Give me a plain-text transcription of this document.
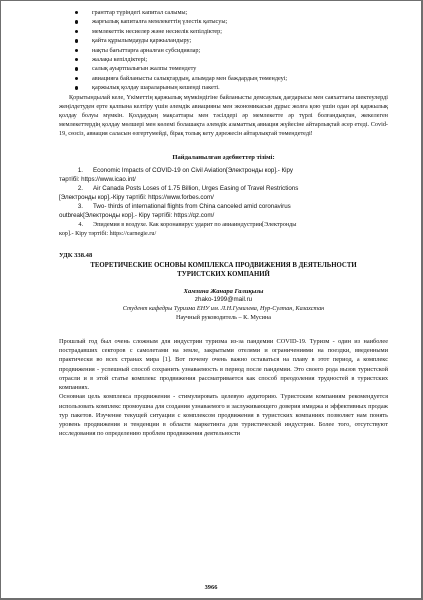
гранттар түріндегі капитал салымы;
жарғылық капиталға мемлекеттің үлестік қатысуы;
мемлекеттік несиелер және несиелік кепілдіктер;
қайта құрылымдауды қаржыландыру;
нақты бағыттарға арналған субсидиялар;
жалақы кепілдіктері;
салық ауыртпалығын жалпы төмендету
авиацияға байланысты салықтардың, алымдар мен баждардың төмендеуі;
қаржылық қолдау шараларының кешенді пакеті.

Қорытындылай келе, Үкіметтің қаржылық мүмкіндігіне байланысты демсаулық дағдарысы мен саяхаттағы шектеулерді жеңілдетуден ерте қалпына келтіру үшін әлемдік авиацияны мен экономикасын дұрыс жолға қою үшін одан әрі қаржылық қолдау болуы мүмкін. Қолдаудың мақсаттары мен тәсілдері әр мемлекетте әр түрлі болғандықтан, жекелеген мемлекеттердің қолдау мөлшері мен көлемі болашақта әлемдік азаматтық авиация жүйесіне айтарлықтай әсер етеді. Covid-19, сөзсіз, авиация саласын өзгертумейді, бірақ толық кету дәрежесін айтарлықтай төмендетеді!

Пайдаланылған әдебиеттер тізімі:

1. Economic Impacts of COVID-19 on Civil Aviation[Электронды кор].- Кіру
тәртібі: https://www.icao.int/

2. Air Canada Posts Loses of 1.75 Billion, Urges Easing of Travel Restrictions
[Электронды кор].-Кіру тәртібі: https://www.forbes.com/

3. Two- thirds of international flights from China canceled amid coronavirus
outbreak[Электронды кор].- Кіру тәртібі: https://qz.com/

4. Эпидемия в воздухе. Как коронавирус ударит по авиаиндустрии[Электронды
кор].- Кіру тәртібі: https://carnegie.ru/

УДК 338.48
ТЕОРЕТИЧЕСКИЕ ОСНОВЫ КОМПЛЕКСА ПРОДВИЖЕНИЯ В ДЕЯТЕЛЬНОСТИ
ТУРИСТСКИХ КОМПАНИЙ

Хамзина Жанара Галиқызы

zhako-1999@mail.ru

Студент кафедры Туризма ЕНУ им. Л.Н.Гумилева, Нур-Султан, Казахстан

Научный руководитель – К. Мусина

Прошлый год был очень сложным для индустрии туризма из-за пандемии COVID-19. Туризм - один из наиболее пострадавших секторов с самолетами на земле, закрытыми отелями и ограничениями на поездки, введенными практически во всех странах мира [1]. Вот почему очень важно оставаться на плаву в этот период, а комплекс продвижения - успешный способ сохранить узнаваемость в период после пандемии. Это своего рода вызов туристской отрасли и в этой статье комплекс продвижения рассматривается как способ преодоления трудностей в туристских компаниях.

Основная цель комплекса продвижения - стимулировать целевую аудиторию. Туристским компаниям рекомендуется использовать комплекс промоушна для создания узнаваемого и заслуживающего доверия имиджа и эффективных продаж тур пакетов. Изучение текущей ситуации с комплексом продвижения в туристских компаниях позволяет нам понять уровень продвижения и тенденции в области маркетинга для туристической индустрии. Более того, отсутствуют исследования по определению проблем продвижения деятельности

3966
